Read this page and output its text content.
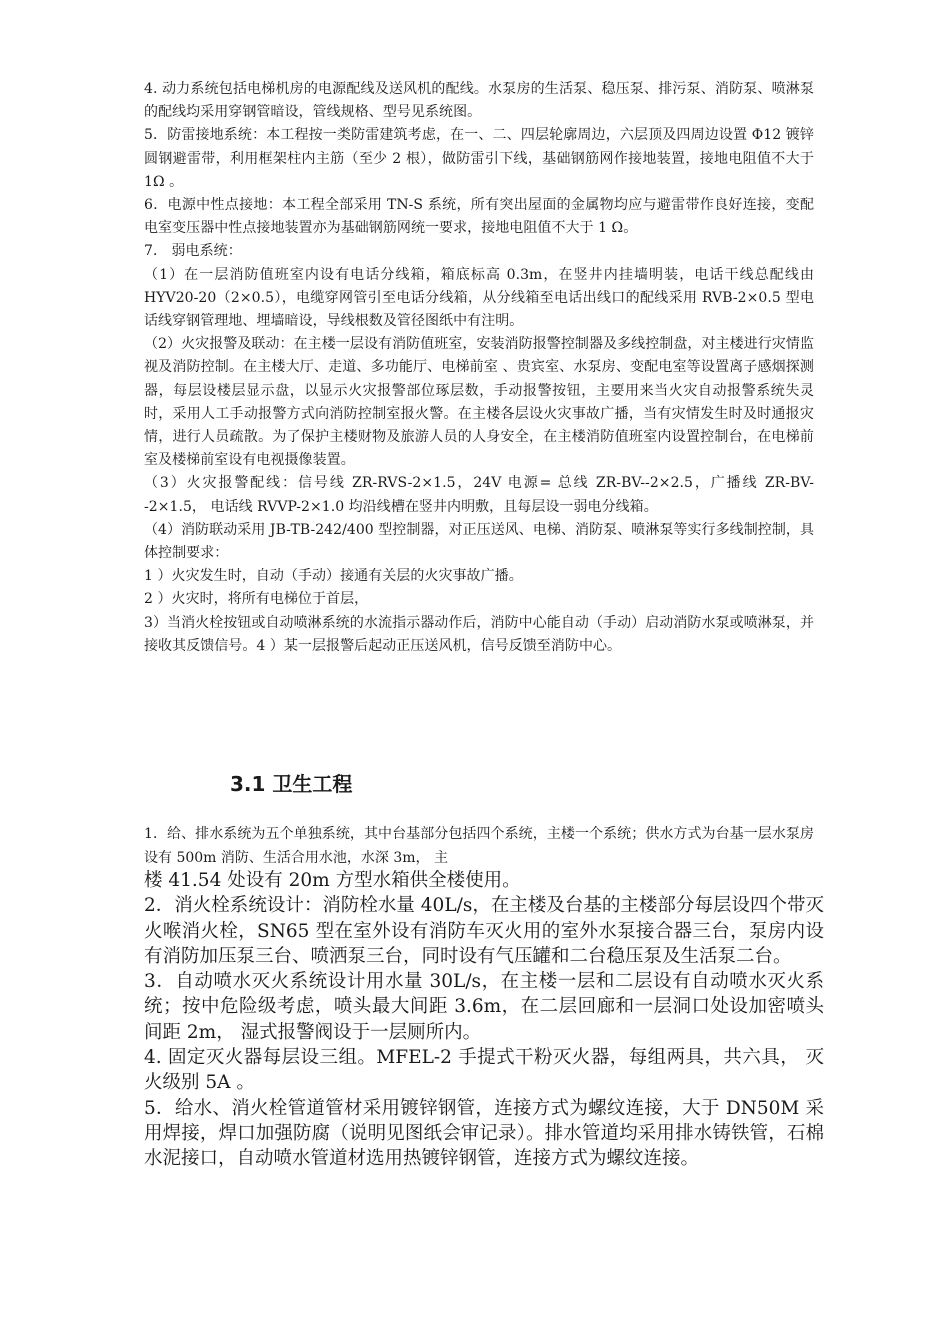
4. 动力系统包括电梯机房的电源配线及送风机的配线。水泵房的生活泵、稳压泵、排污泵、消防泵、喷淋泵的配线均采用穿钢管暗设，管线规格、型号见系统图。

5．防雷接地系统：本工程按一类防雷建筑考虑，在一、二、四层轮廓周边，六层顶及四周边设置 Φ12 镀锌圆钢避雷带，利用框架柱内主筋（至少 2 根），做防雷引下线，基础钢筋网作接地装置，接地电阻值不大于 1Ω 。

6．电源中性点接地：本工程全部采用 TN-S 系统，所有突出屋面的金属物均应与避雷带作良好连接，变配电室变压器中性点接地装置亦为基础钢筋网统一要求，接地电阻值不大于 1 Ω。

7． 弱电系统：

（1）在一层消防值班室内设有电话分线箱，箱底标高 0.3m，在竖井内挂墙明装，电话干线总配线由 HYV20-20（2×0.5），电缆穿网管引至电话分线箱，从分线箱至电话出线口的配线采用 RVB-2×0.5 型电话线穿钢管理地、埋墙暗设，导线根数及管径图纸中有注明。

（2）火灾报警及联动：在主楼一层设有消防值班室，安装消防报警控制器及多线控制盘，对主楼进行灾情监视及消防控制。在主楼大厅、走道、多功能厅、电梯前室 、贵宾室、水泵房、变配电室等设置离子感烟探测器，每层设楼层显示盘，以显示火灾报警部位琢层数，手动报警按钮，主要用来当火灾自动报警系统失灵时，采用人工手动报警方式向消防控制室报火警。在主楼各层设火灾事故广播，当有灾情发生时及时通报灾情，进行人员疏散。为了保护主楼财物及旅游人员的人身安全，在主楼消防值班室内设置控制台，在电梯前室及楼梯前室设有电视摄像装置。

（3）火灾报警配线：信号线 ZR-RVS-2×1.5，24V 电源= 总线 ZR-BV--2×2.5，广播线 ZR-BV--2×1.5， 电话线 RVVP-2×1.0 均沿线槽在竖井内明敷，且每层设一弱电分线箱。

（4）消防联动采用 JB-TB-242/400 型控制器，对正压送风、电梯、消防泵、喷淋泵等实行多线制控制，具体控制要求：

1 ）火灾发生时，自动（手动）接通有关层的火灾事故广播。

2 ）火灾时，将所有电梯位于首层，

3）当消火栓按钮或自动喷淋系统的水流指示器动作后，消防中心能自动（手动）启动消防水泵或喷淋泵，并接收其反馈信号。4 ）某一层报警后起动正压送风机，信号反馈至消防中心。

3.1 卫生工程

1．给、排水系统为五个单独系统，其中台基部分包括四个系统，主楼一个系统；供水方式为台基一层水泵房设有 500m 消防、生活合用水池，水深 3m， 主

楼 41.54 处设有 20m 方型水箱供全楼使用。

2．消火栓系统设计：消防栓水量 40L/s，在主楼及台基的主楼部分每层设四个带灭火喉消火栓，SN65 型在室外设有消防车灭火用的室外水泵接合器三台，泵房内设有消防加压泵三台、喷洒泵三台，同时设有气压罐和二台稳压泵及生活泵二台。

3．自动喷水灭火系统设计用水量 30L/s，在主楼一层和二层设有自动喷水灭火系统；按中危险级考虑，喷头最大间距 3.6m，在二层回廊和一层洞口处设加密喷头间距 2m， 湿式报警阀设于一层厕所内。

4. 固定灭火器每层设三组。MFEL-2 手提式干粉灭火器，每组两具，共六具， 灭火级别 5A 。

5．给水、消火栓管道管材采用镀锌钢管，连接方式为螺纹连接，大于 DN50M 采用焊接，焊口加强防腐（说明见图纸会审记录）。排水管道均采用排水铸铁管，石棉水泥接口，自动喷水管道材选用热镀锌钢管，连接方式为螺纹连接。
